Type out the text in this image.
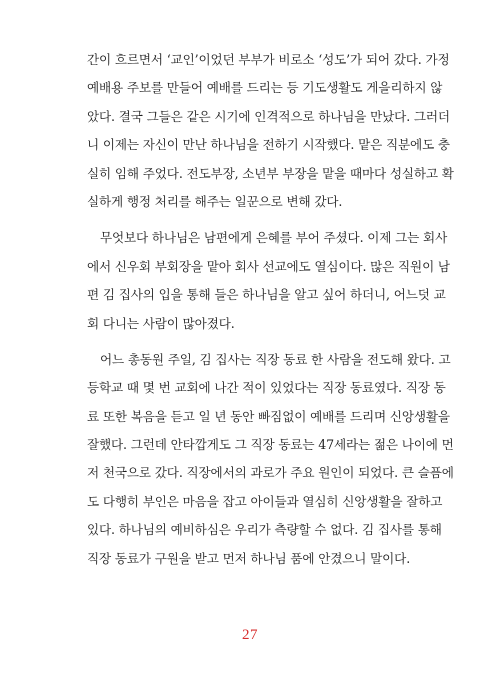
간이 흐르면서 ‘교인’이었던 부부가 비로소 ‘성도’가 되어 갔다. 가정
예배용 주보를 만들어 예배를 드리는 등 기도생활도 게을리하지 않
았다. 결국 그들은 같은 시기에 인격적으로 하나님을 만났다. 그러더
니 이제는 자신이 만난 하나님을 전하기 시작했다. 맡은 직분에도 충
실히 임해 주었다. 전도부장, 소년부 부장을 맡을 때마다 성실하고 확
실하게 행정 처리를 해주는 일꾼으로 변해 갔다.
무엇보다 하나님은 남편에게 은혜를 부어 주셨다. 이제 그는 회사
에서 신우회 부회장을 맡아 회사 선교에도 열심이다. 많은 직원이 남
편 김 집사의 입을 통해 들은 하나님을 알고 싶어 하더니, 어느덧 교
회 다니는 사람이 많아졌다.
어느 총동원 주일, 김 집사는 직장 동료 한 사람을 전도해 왔다. 고
등학교 때 몇 번 교회에 나간 적이 있었다는 직장 동료였다. 직장 동
료 또한 복음을 듣고 일 년 동안 빠짐없이 예배를 드리며 신앙생활을
잘했다. 그런데 안타깝게도 그 직장 동료는 47세라는 젊은 나이에 먼
저 천국으로 갔다. 직장에서의 과로가 주요 원인이 되었다. 큰 슬픔에
도 다행히 부인은 마음을 잡고 아이들과 열심히 신앙생활을 잘하고
있다. 하나님의 예비하심은 우리가 측량할 수 없다. 김 집사를 통해
직장 동료가 구원을 받고 먼저 하나님 품에 안겼으니 말이다.
27
